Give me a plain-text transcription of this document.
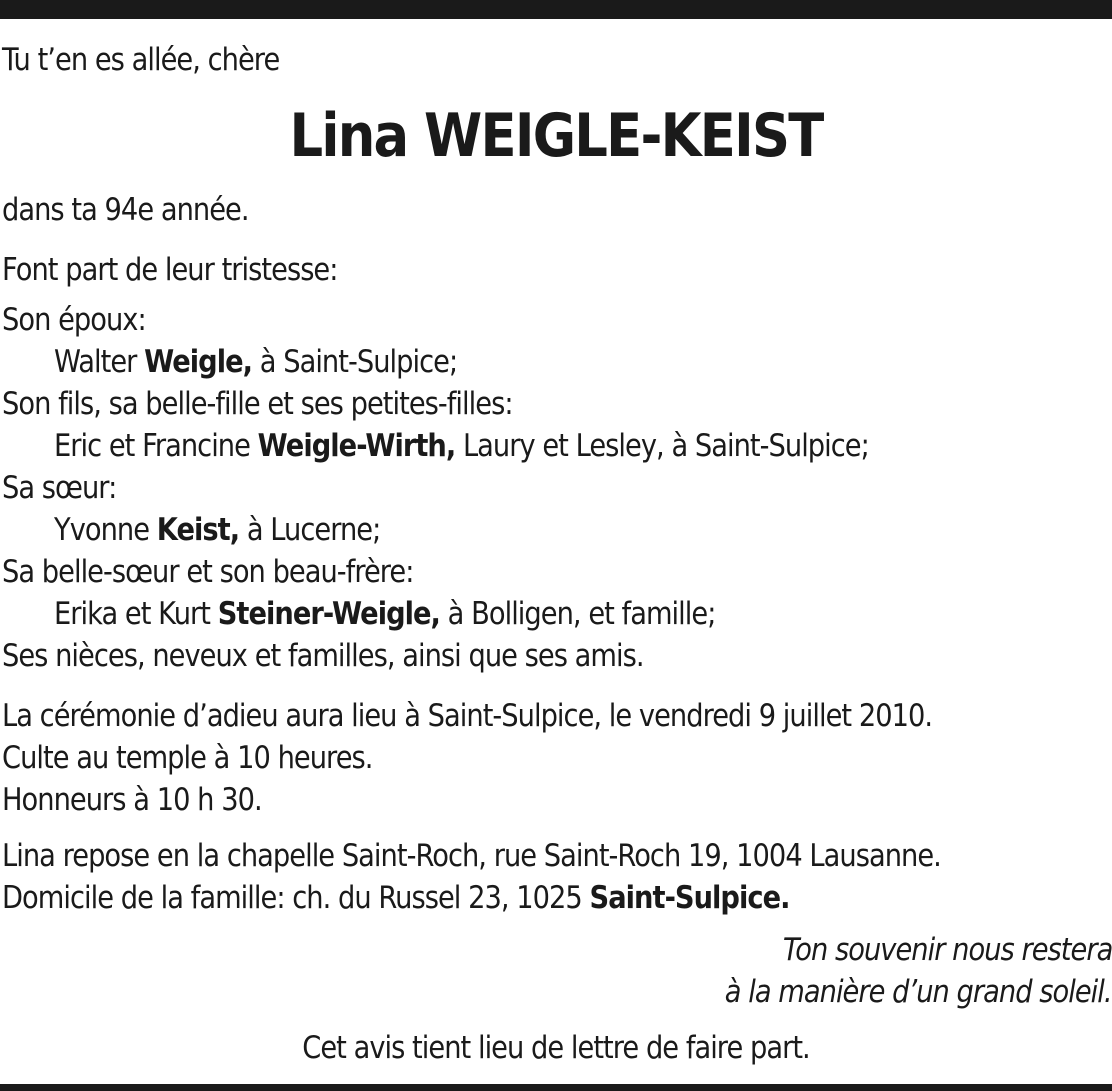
Tu t’en es allée, chère
Lina WEIGLE-KEIST
dans ta 94e année.
Font part de leur tristesse:
Son époux:
Walter Weigle, à Saint-Sulpice;
Son fils, sa belle-fille et ses petites-filles:
Eric et Francine Weigle-Wirth, Laury et Lesley, à Saint-Sulpice;
Sa sœur:
Yvonne Keist, à Lucerne;
Sa belle-sœur et son beau-frère:
Erika et Kurt Steiner-Weigle, à Bolligen, et famille;
Ses nièces, neveux et familles, ainsi que ses amis.
La cérémonie d’adieu aura lieu à Saint-Sulpice, le vendredi 9 juillet 2010.
Culte au temple à 10 heures.
Honneurs à 10 h 30.
Lina repose en la chapelle Saint-Roch, rue Saint-Roch 19, 1004 Lausanne.
Domicile de la famille: ch. du Russel 23, 1025 Saint-Sulpice.
Ton souvenir nous restera
à la manière d’un grand soleil.
Cet avis tient lieu de lettre de faire part.
